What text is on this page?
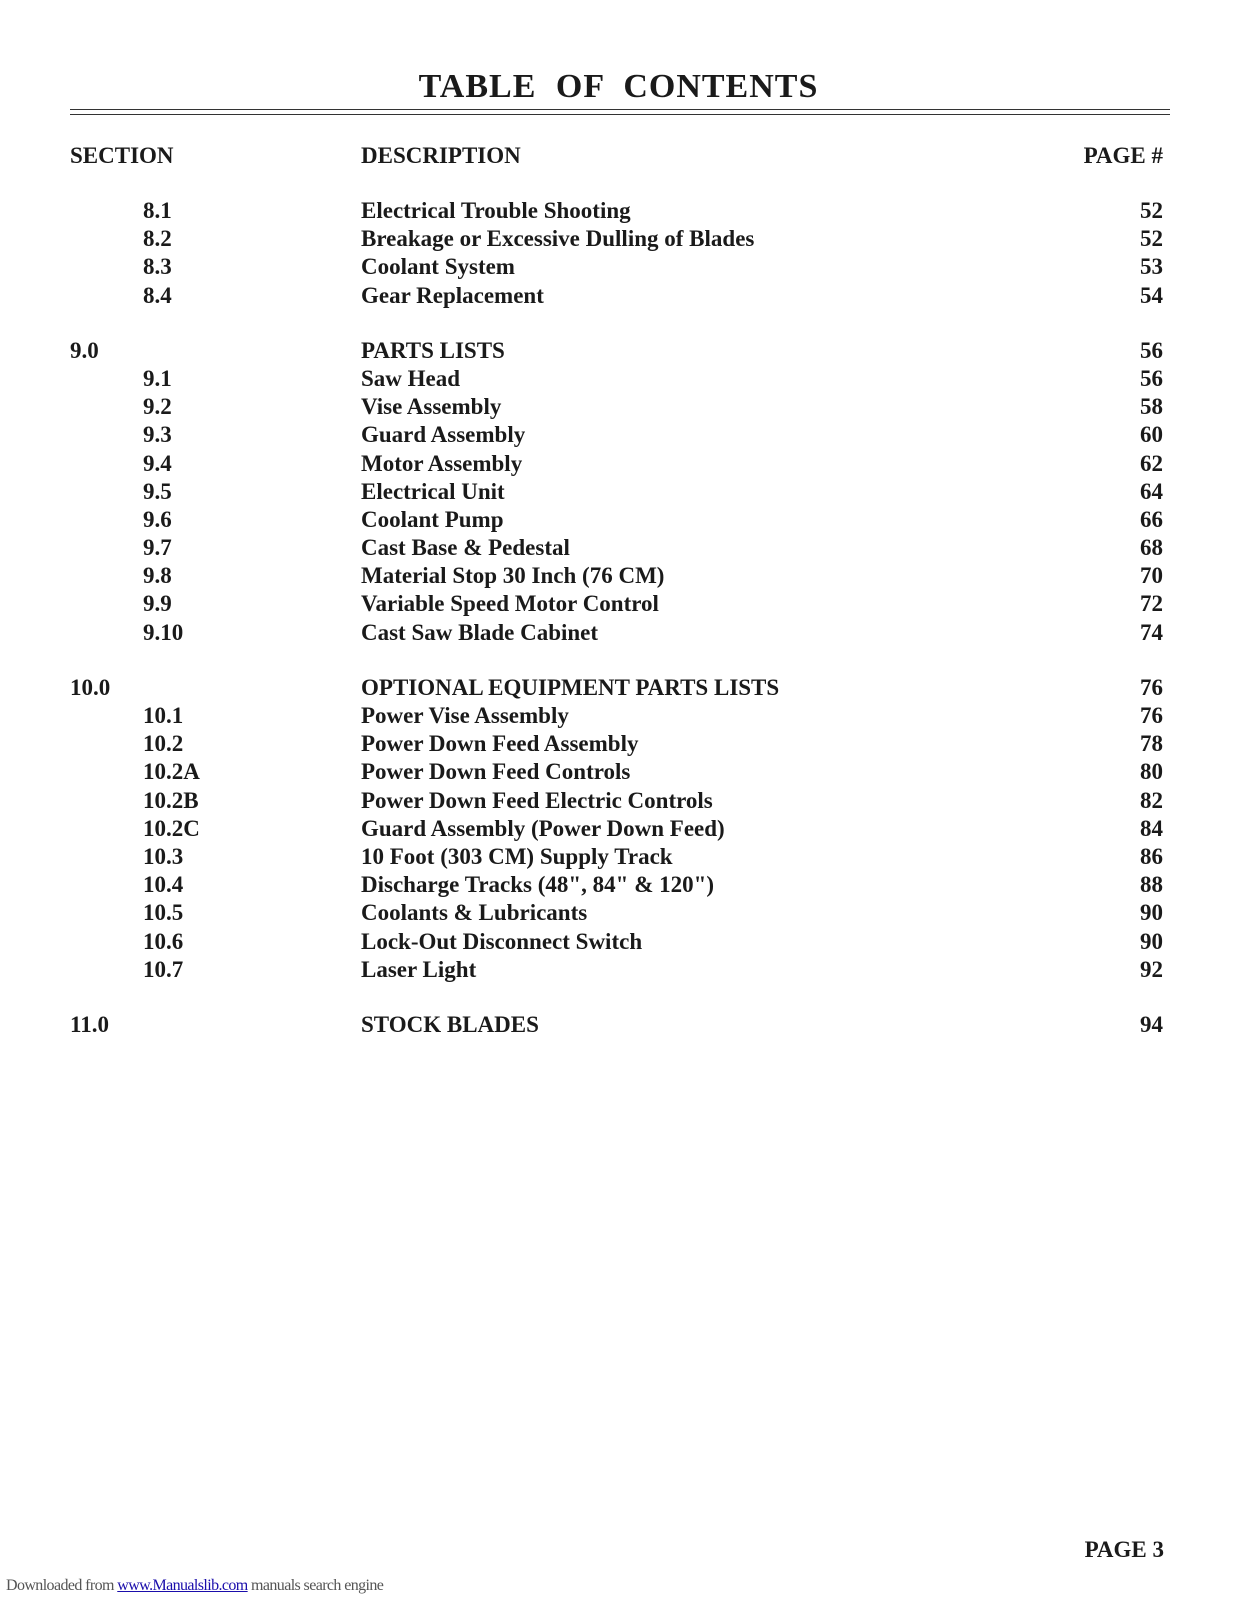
TABLE OF CONTENTS
SECTION	DESCRIPTION	PAGE #
8.1	Electrical Trouble Shooting	52
8.2	Breakage or Excessive Dulling of Blades	52
8.3	Coolant System	53
8.4	Gear Replacement	54
9.0	PARTS LISTS	56
9.1	Saw Head	56
9.2	Vise Assembly	58
9.3	Guard Assembly	60
9.4	Motor Assembly	62
9.5	Electrical Unit	64
9.6	Coolant Pump	66
9.7	Cast Base & Pedestal	68
9.8	Material Stop 30 Inch (76 CM)	70
9.9	Variable Speed Motor Control	72
9.10	Cast Saw Blade Cabinet	74
10.0	OPTIONAL EQUIPMENT PARTS LISTS	76
10.1	Power Vise Assembly	76
10.2	Power Down Feed Assembly	78
10.2A	Power Down Feed Controls	80
10.2B	Power Down Feed Electric Controls	82
10.2C	Guard Assembly (Power Down Feed)	84
10.3	10 Foot (303 CM) Supply Track	86
10.4	Discharge Tracks (48", 84" & 120")	88
10.5	Coolants & Lubricants	90
10.6	Lock-Out Disconnect Switch	90
10.7	Laser Light	92
11.0	STOCK BLADES	94
PAGE 3
Downloaded from www.Manualslib.com manuals search engine
